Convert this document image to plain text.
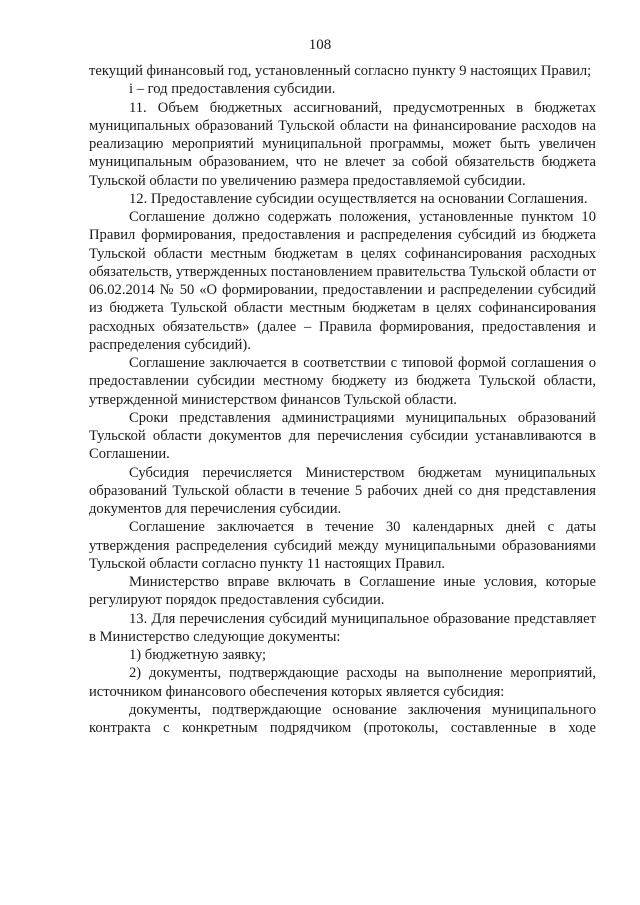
108

текущий финансовый год, установленный согласно пункту 9 настоящих Правил;

i – год предоставления субсидии.

11. Объем бюджетных ассигнований, предусмотренных в бюджетах муниципальных образований Тульской области на финансирование расходов на реализацию мероприятий муниципальной программы, может быть увеличен муниципальным образованием, что не влечет за собой обязательств бюджета Тульской области по увеличению размера предоставляемой субсидии.

12. Предоставление субсидии осуществляется на основании Соглашения.

Соглашение должно содержать положения, установленные пунктом 10 Правил формирования, предоставления и распределения субсидий из бюджета Тульской области местным бюджетам в целях софинансирования расходных обязательств, утвержденных постановлением правительства Тульской области от 06.02.2014 № 50 «О формировании, предоставлении и распределении субсидий из бюджета Тульской области местным бюджетам в целях софинансирования расходных обязательств» (далее – Правила формирования, предоставления и распределения субсидий).

Соглашение заключается в соответствии с типовой формой соглашения о предоставлении субсидии местному бюджету из бюджета Тульской области, утвержденной министерством финансов Тульской области.

Сроки представления администрациями муниципальных образований Тульской области документов для перечисления субсидии устанавливаются в Соглашении.

Субсидия перечисляется Министерством бюджетам муниципальных образований Тульской области в течение 5 рабочих дней со дня представления документов для перечисления субсидии.

Соглашение заключается в течение 30 календарных дней с даты утверждения распределения субсидий между муниципальными образованиями Тульской области согласно пункту 11 настоящих Правил.

Министерство вправе включать в Соглашение иные условия, которые регулируют порядок предоставления субсидии.

13. Для перечисления субсидий муниципальное образование представляет в Министерство следующие документы:

1) бюджетную заявку;

2) документы, подтверждающие расходы на выполнение мероприятий, источником финансового обеспечения которых является субсидия:

документы, подтверждающие основание заключения муниципального контракта с конкретным подрядчиком (протоколы, составленные в ходе
